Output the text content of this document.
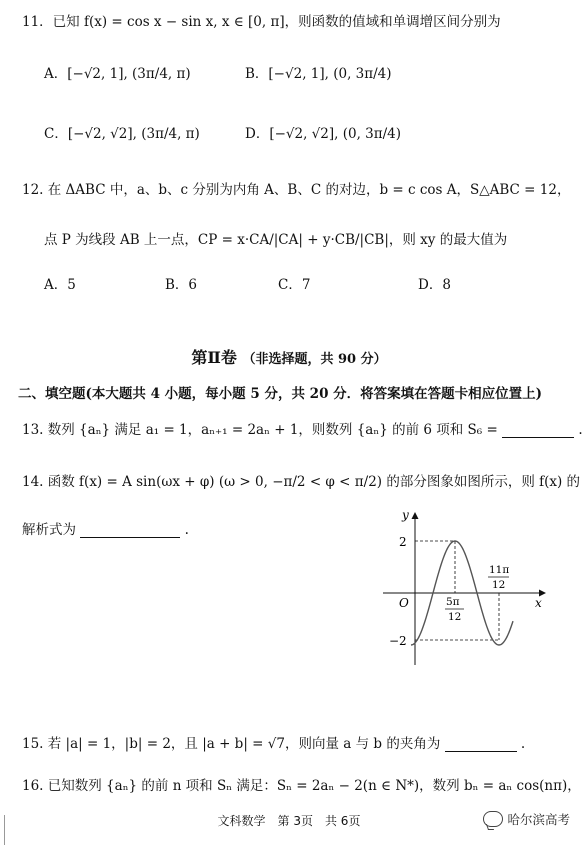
11．已知 f(x) = cos x − sin x, x ∈ [0, π]，则函数的值域和单调增区间分别为
A．[−√2, 1], (3π/4, π)	B．[−√2, 1], (0, 3π/4)
C．[−√2, √2], (3π/4, π)	D．[−√2, √2], (0, 3π/4)
12. 在 ΔABC 中，a、b、c 分别为内角 A、B、C 的对边，b = c cos A，S△ABC = 12，
点 P 为线段 AB 上一点，CP = x·CA/|CA| + y·CB/|CB|，则 xy 的最大值为
A．5	B．6	C．7	D．8
第Ⅱ卷 （非选择题，共 90 分）
二、填空题(本大题共 4 小题，每小题 5 分，共 20 分．将答案填在答题卡相应位置上)
13. 数列 {aₙ} 满足 a₁ = 1，aₙ₊₁ = 2aₙ + 1，则数列 {aₙ} 的前 6 项和 S₆ =	.
14. 函数 f(x) = A sin(ωx + φ) (ω > 0, −π/2 < φ < π/2) 的部分图象如图所示，则 f(x) 的
解析式为	.
y
x
O
2
−2
5π
12
11π
12
15. 若 |a| = 1，|b| = 2，且 |a + b| = √7，则向量 a 与 b 的夹角为	.
16. 已知数列 {aₙ} 的前 n 项和 Sₙ 满足：Sₙ = 2aₙ − 2(n ∈ N*)，数列 bₙ = aₙ cos(nπ)，
文科数学　第 3页　共 6页	哈尔滨高考
